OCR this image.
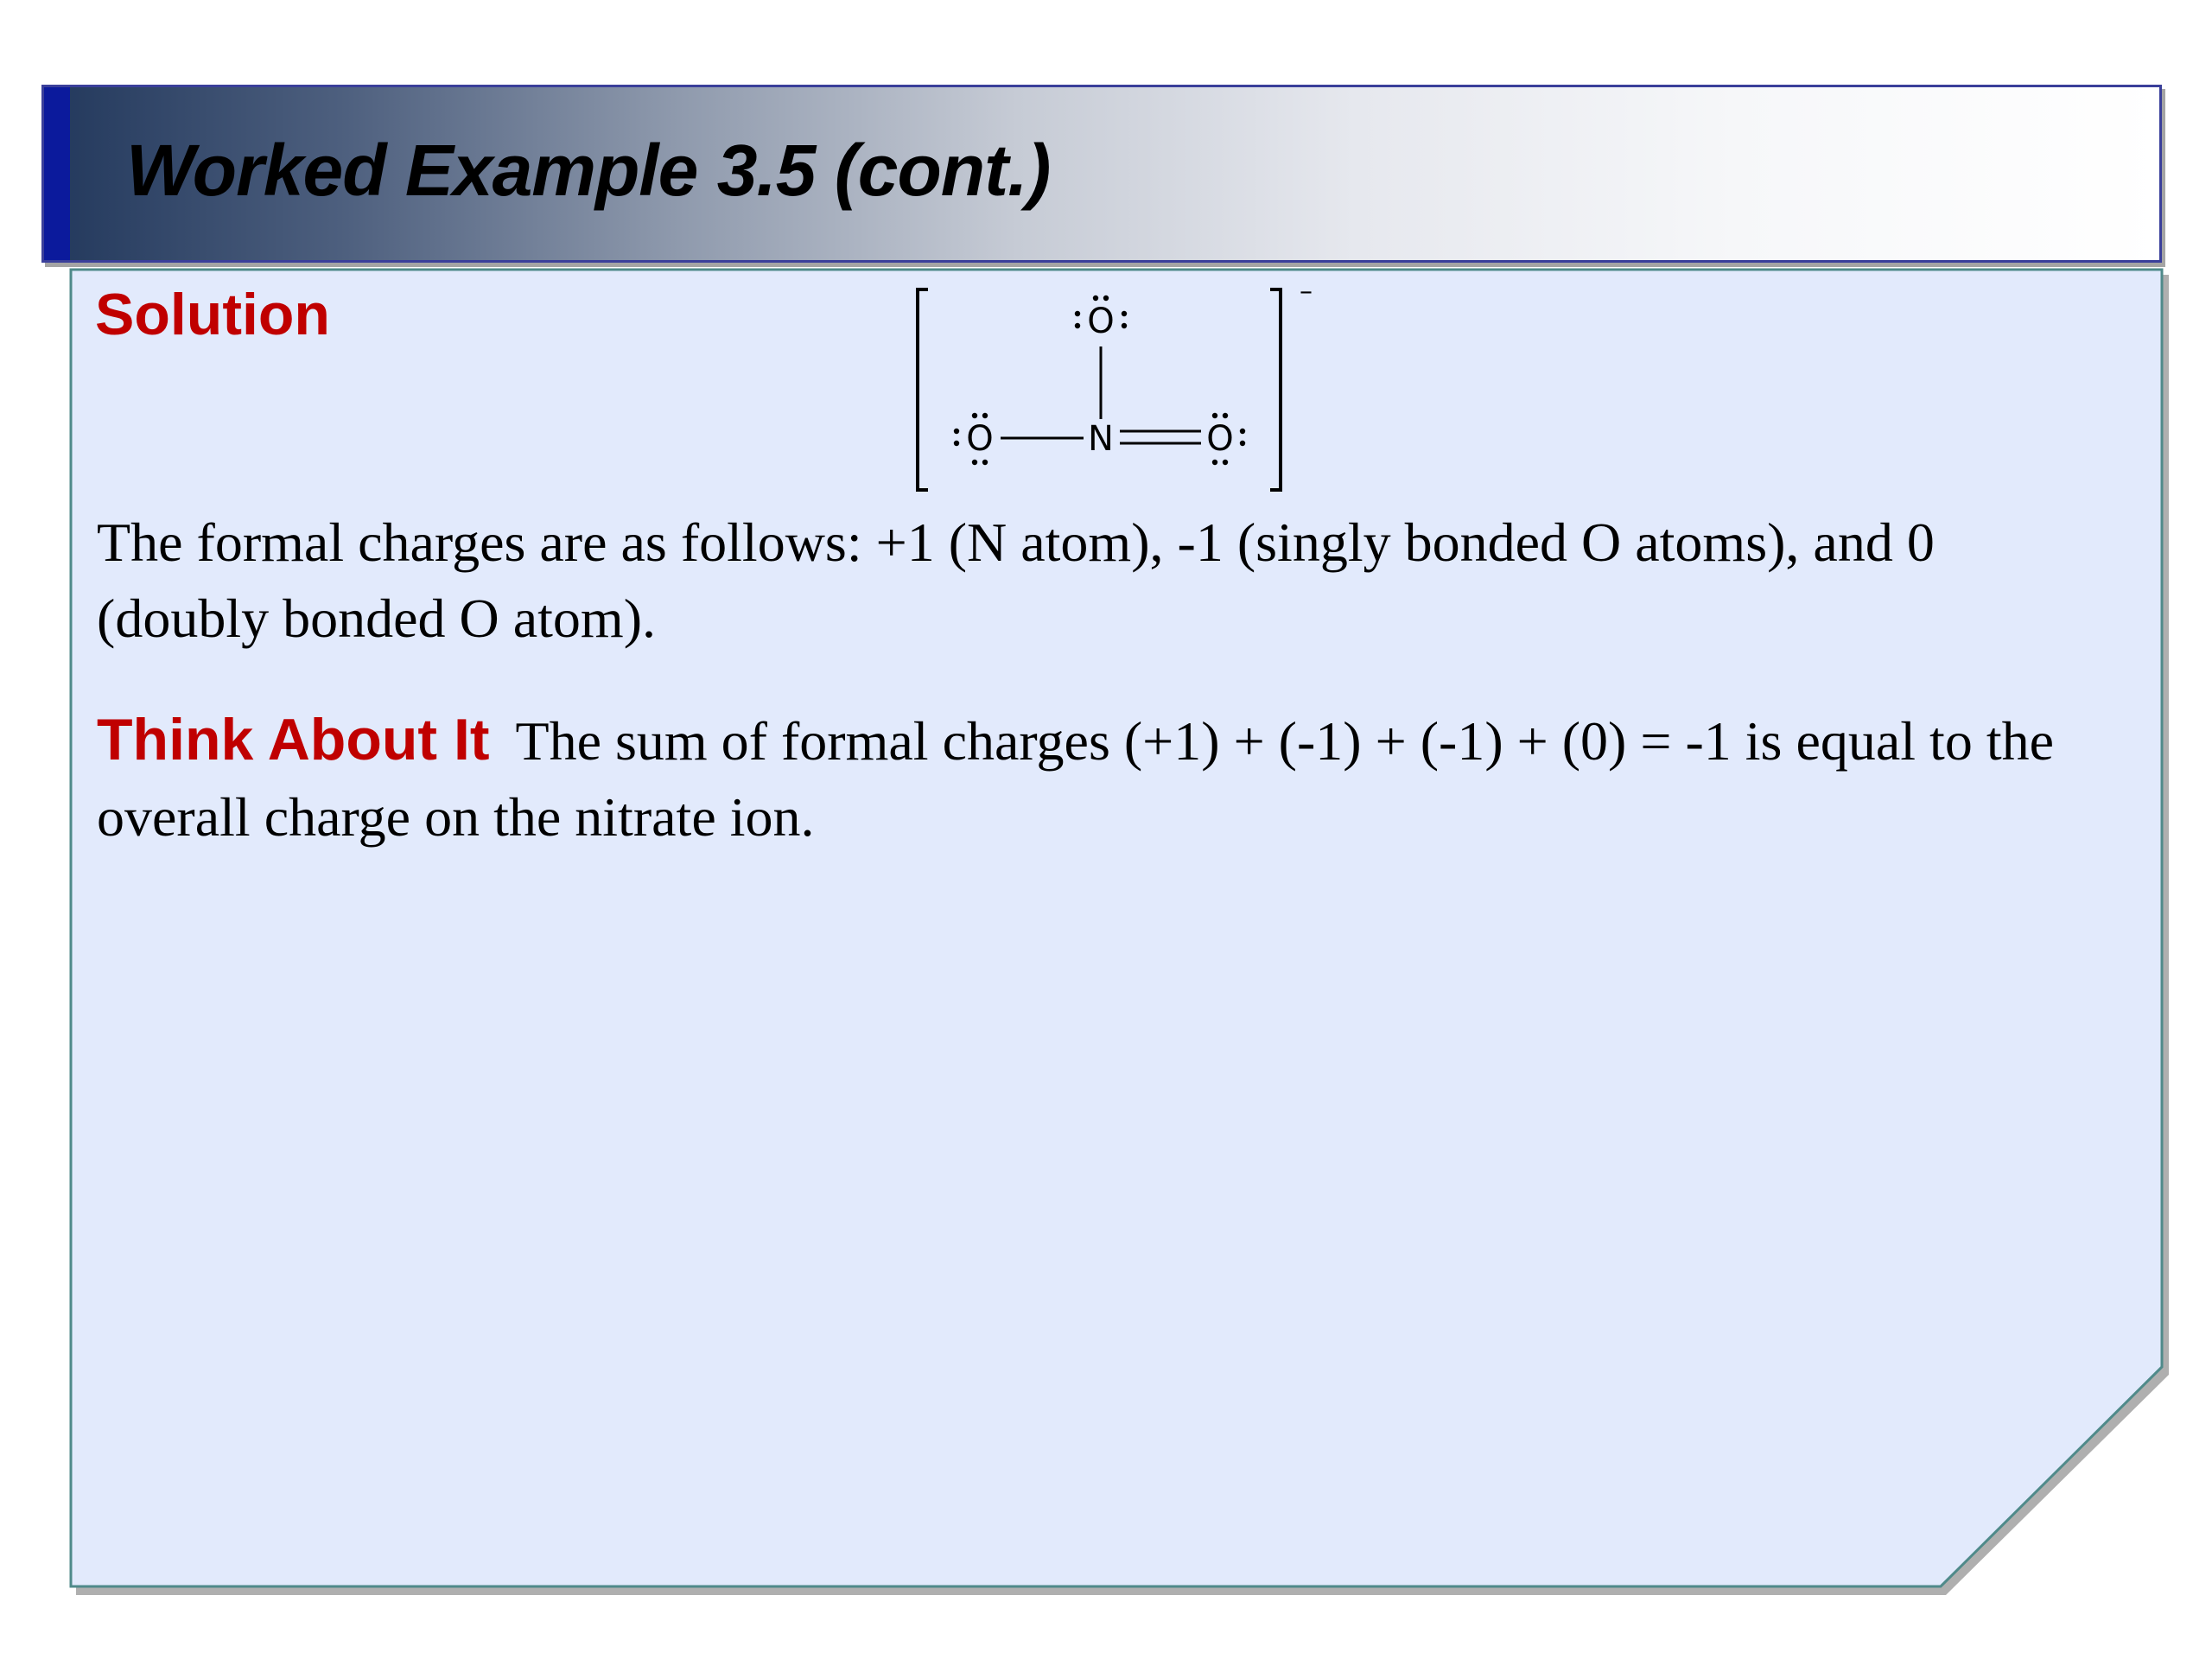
Worked Example 3.5 (cont.)
Solution	–
O
O	N	O
The formal charges are as follows: +1 (N atom), -1 (singly bonded O atoms), and 0 (doubly bonded O atom).
Think About It The sum of formal charges (+1) + (-1) + (-1) + (0) = -1 is equal to the overall charge on the nitrate ion.
